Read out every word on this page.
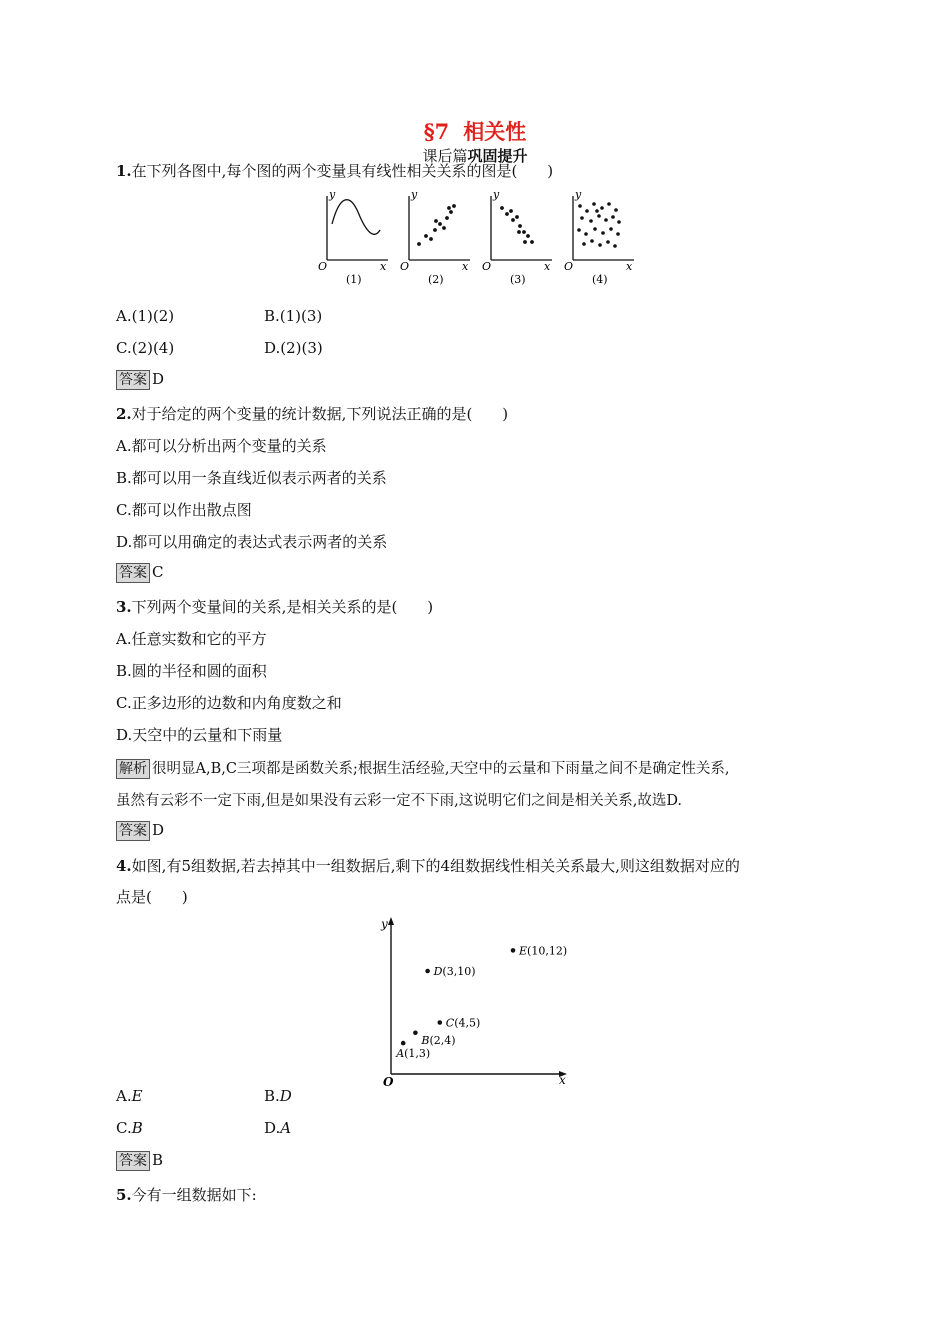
§7 相关性
课后篇巩固提升
1.在下列各图中,每个图的两个变量具有线性相关关系的图是(　　)
y
x
O
(1)
y
x
O
(2)
y
x
O
(3)
y
x
O
(4)
A.(1)(2)	B.(1)(3)
C.(2)(4)	D.(2)(3)
答案 D
2.对于给定的两个变量的统计数据,下列说法正确的是(　　)
A.都可以分析出两个变量的关系
B.都可以用一条直线近似表示两者的关系
C.都可以作出散点图
D.都可以用确定的表达式表示两者的关系
答案 C
3.下列两个变量间的关系,是相关关系的是(　　)
A.任意实数和它的平方
B.圆的半径和圆的面积
C.正多边形的边数和内角度数之和
D.天空中的云量和下雨量
解析 很明显A,B,C三项都是函数关系;根据生活经验,天空中的云量和下雨量之间不是确定性关系,
虽然有云彩不一定下雨,但是如果没有云彩一定不下雨,这说明它们之间是相关关系,故选D.
答案 D
4.如图,有5组数据,若去掉其中一组数据后,剩下的4组数据线性相关关系最大,则这组数据对应的
点是(　　)
y
x
O
A(1,3)
B(2,4)
C(4,5)
D(3,10)
E(10,12)
A.E	B.D
C.B	D.A
答案 B
5.今有一组数据如下:
